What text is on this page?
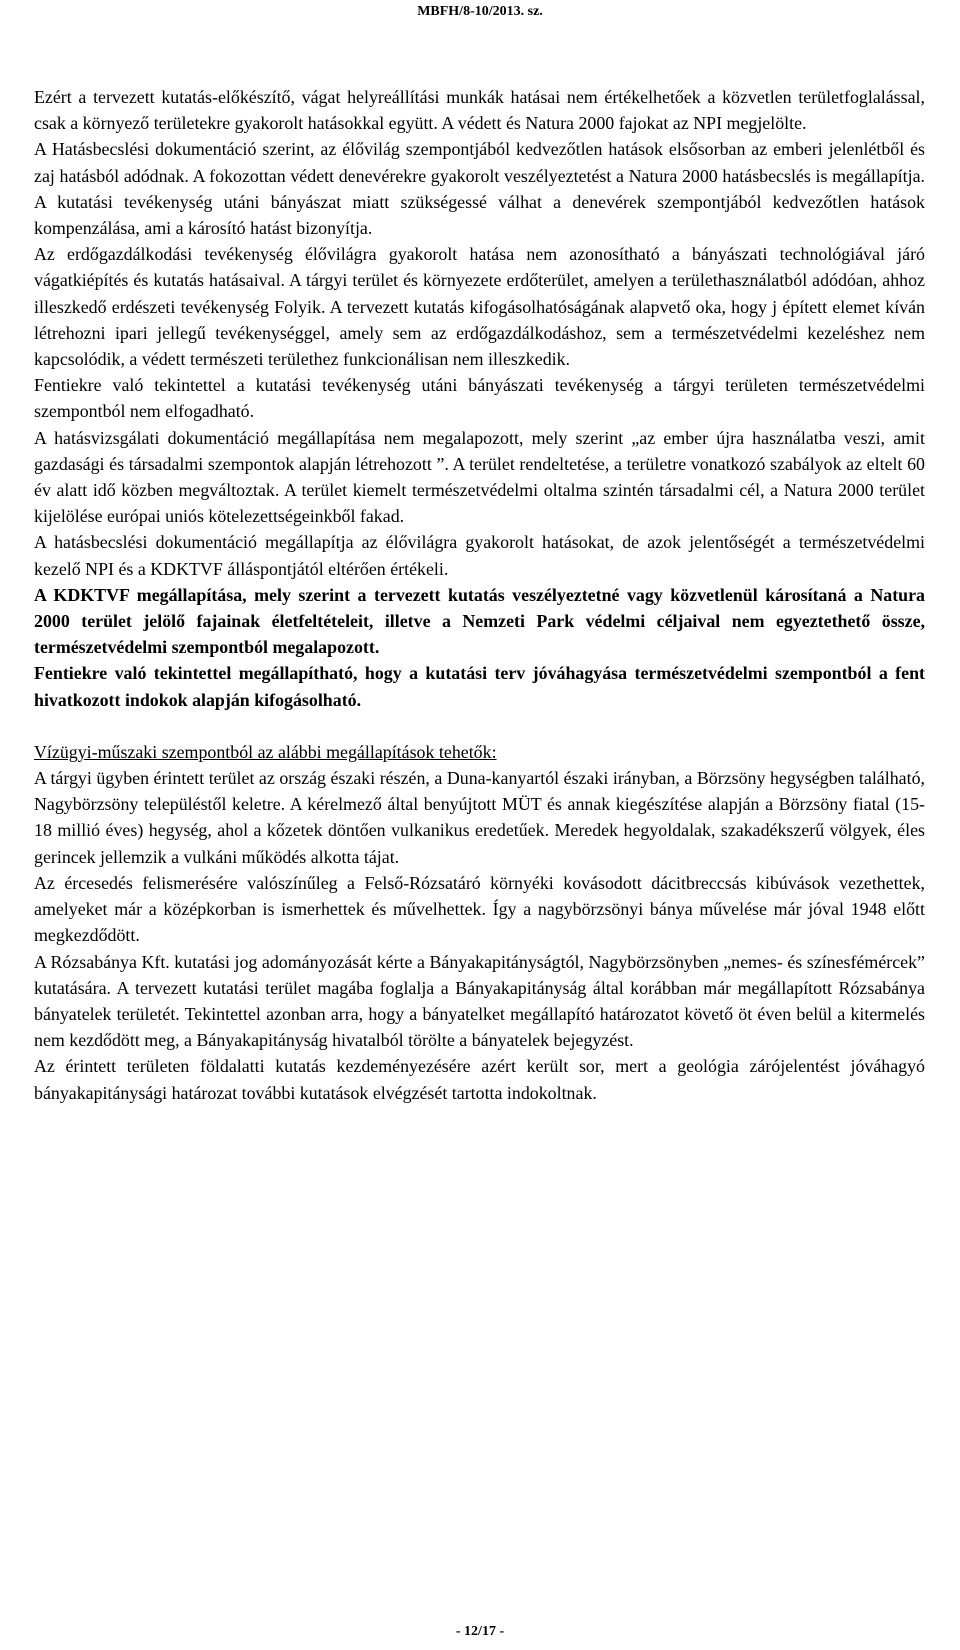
MBFH/8-10/2013. sz.

Ezért a tervezett kutatás-előkészítő, vágat helyreállítási munkák hatásai nem értékelhetőek a közvetlen területfoglalással, csak a környező területekre gyakorolt hatásokkal együtt. A védett és Natura 2000 fajokat az NPI megjelölte.

A Hatásbecslési dokumentáció szerint, az élővilág szempontjából kedvezőtlen hatások elsősorban az emberi jelenlétből és zaj hatásból adódnak. A fokozottan védett denevérekre gyakorolt veszélyeztetést a Natura 2000 hatásbecslés is megállapítja. A kutatási tevékenység utáni bányászat miatt szükségessé válhat a denevérek szempontjából kedvezőtlen hatások kompenzálása, ami a károsító hatást bizonyítja.

Az erdőgazdálkodási tevékenység élővilágra gyakorolt hatása nem azonosítható a bányászati technológiával járó vágatkiépítés és kutatás hatásaival. A tárgyi terület és környezete erdőterület, amelyen a területhasználatból adódóan, ahhoz illeszkedő erdészeti tevékenység Folyik. A tervezett kutatás kifogásolhatóságának alapvető oka, hogy j épített elemet kíván létrehozni ipari jellegű tevékenységgel, amely sem az erdőgazdálkodáshoz, sem a természetvédelmi kezeléshez nem kapcsolódik, a védett természeti területhez funkcionálisan nem illeszkedik.

Fentiekre való tekintettel a kutatási tevékenység utáni bányászati tevékenység a tárgyi területen természetvédelmi szempontból nem elfogadható.

A hatásvizsgálati dokumentáció megállapítása nem megalapozott, mely szerint „az ember újra használatba veszi, amit gazdasági és társadalmi szempontok alapján létrehozott ”. A terület rendeltetése, a területre vonatkozó szabályok az eltelt 60 év alatt idő közben megváltoztak. A terület kiemelt természetvédelmi oltalma szintén társadalmi cél, a Natura 2000 terület kijelölése európai uniós kötelezettségeinkből fakad.

A hatásbecslési dokumentáció megállapítja az élővilágra gyakorolt hatásokat, de azok jelentőségét a természetvédelmi kezelő NPI és a KDKTVF álláspontjától eltérően értékeli.

A KDKTVF megállapítása, mely szerint a tervezett kutatás veszélyeztetné vagy közvetlenül károsítaná a Natura 2000 terület jelölő fajainak életfeltételeit, illetve a Nemzeti Park védelmi céljaival nem egyeztethető össze, természetvédelmi szempontból megalapozott.

Fentiekre való tekintettel megállapítható, hogy a kutatási terv jóváhagyása természetvédelmi szempontból a fent hivatkozott indokok alapján kifogásolható.

Vízügyi-műszaki szempontból az alábbi megállapítások tehetők:

A tárgyi ügyben érintett terület az ország északi részén, a Duna-kanyartól északi irányban, a Börzsöny hegységben található, Nagybörzsöny településtől keletre. A kérelmező által benyújtott MÜT és annak kiegészítése alapján a Börzsöny fiatal (15-18 millió éves) hegység, ahol a kőzetek döntően vulkanikus eredetűek. Meredek hegyoldalak, szakadékszerű völgyek, éles gerincek jellemzik a vulkáni működés alkotta tájat.

Az ércesedés felismerésére valószínűleg a Felső-Rózsatáró környéki kovásodott dácitbreccsás kibúvások vezethettek, amelyeket már a középkorban is ismerhettek és művelhettek. Így a nagybörzsönyi bánya művelése már jóval 1948 előtt megkezdődött.

A Rózsabánya Kft. kutatási jog adományozását kérte a Bányakapitányságtól, Nagybörzsönyben „nemes- és színesfémércek” kutatására. A tervezett kutatási terület magába foglalja a Bányakapitányság által korábban már megállapított Rózsabánya bányatelek területét. Tekintettel azonban arra, hogy a bányatelket megállapító határozatot követő öt éven belül a kitermelés nem kezdődött meg, a Bányakapitányság hivatalból törölte a bányatelek bejegyzést.

Az érintett területen földalatti kutatás kezdeményezésére azért került sor, mert a geológia zárójelentést jóváhagyó bányakapitánysági határozat további kutatások elvégzését tartotta indokoltnak.

- 12/17 -
